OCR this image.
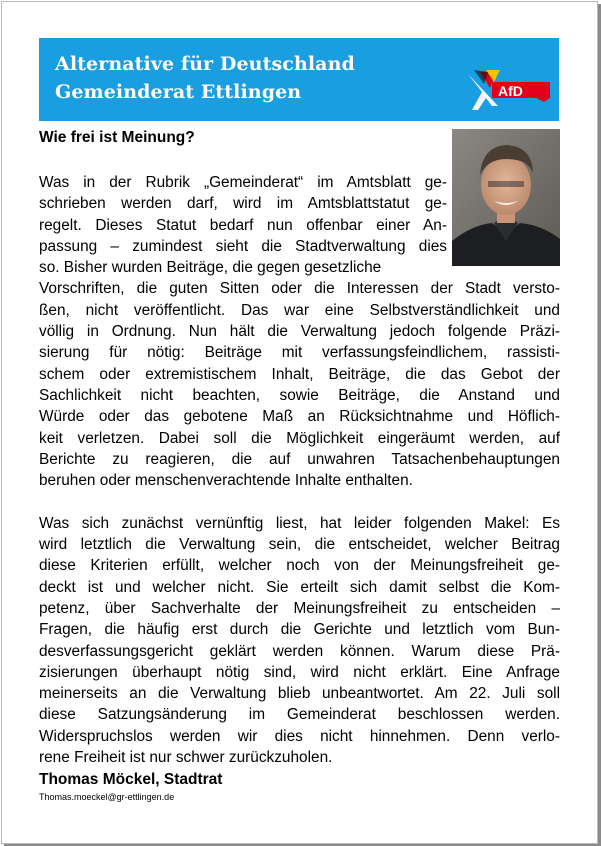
Alternative für Deutschland
Gemeinderat Ettlingen	AfD
Wie frei ist Meinung?

Was in der Rubrik „Gemeinderat“ im Amtsblatt ge-
schrieben werden darf, wird im Amtsblattstatut ge-
regelt. Dieses Statut bedarf nun offenbar einer An-
passung – zumindest sieht die Stadtverwaltung dies
so. Bisher wurden Beiträge, die gegen gesetzliche

Vorschriften, die guten Sitten oder die Interessen der Stadt versto-
ßen, nicht veröffentlicht. Das war eine Selbstverständlichkeit und
völlig in Ordnung. Nun hält die Verwaltung jedoch folgende Präzi-
sierung für nötig: Beiträge mit verfassungsfeindlichem, rassisti-
schem oder extremistischem Inhalt, Beiträge, die das Gebot der
Sachlichkeit nicht beachten, sowie Beiträge, die Anstand und
Würde oder das gebotene Maß an Rücksichtnahme und Höflich-
keit verletzen. Dabei soll die Möglichkeit eingeräumt werden, auf
Berichte zu reagieren, die auf unwahren Tatsachenbehauptungen
beruhen oder menschenverachtende Inhalte enthalten.

Was sich zunächst vernünftig liest, hat leider folgenden Makel: Es
wird letztlich die Verwaltung sein, die entscheidet, welcher Beitrag
diese Kriterien erfüllt, welcher noch von der Meinungsfreiheit ge-
deckt ist und welcher nicht. Sie erteilt sich damit selbst die Kom-
petenz, über Sachverhalte der Meinungsfreiheit zu entscheiden –
Fragen, die häufig erst durch die Gerichte und letztlich vom Bun-
desverfassungsgericht geklärt werden können. Warum diese Prä-
zisierungen überhaupt nötig sind, wird nicht erklärt. Eine Anfrage
meinerseits an die Verwaltung blieb unbeantwortet. Am 22. Juli soll
diese Satzungsänderung im Gemeinderat beschlossen werden.
Widerspruchslos werden wir dies nicht hinnehmen. Denn verlo-
rene Freiheit ist nur schwer zurückzuholen.

Thomas Möckel, Stadtrat
Thomas.moeckel@gr-ettlingen.de
